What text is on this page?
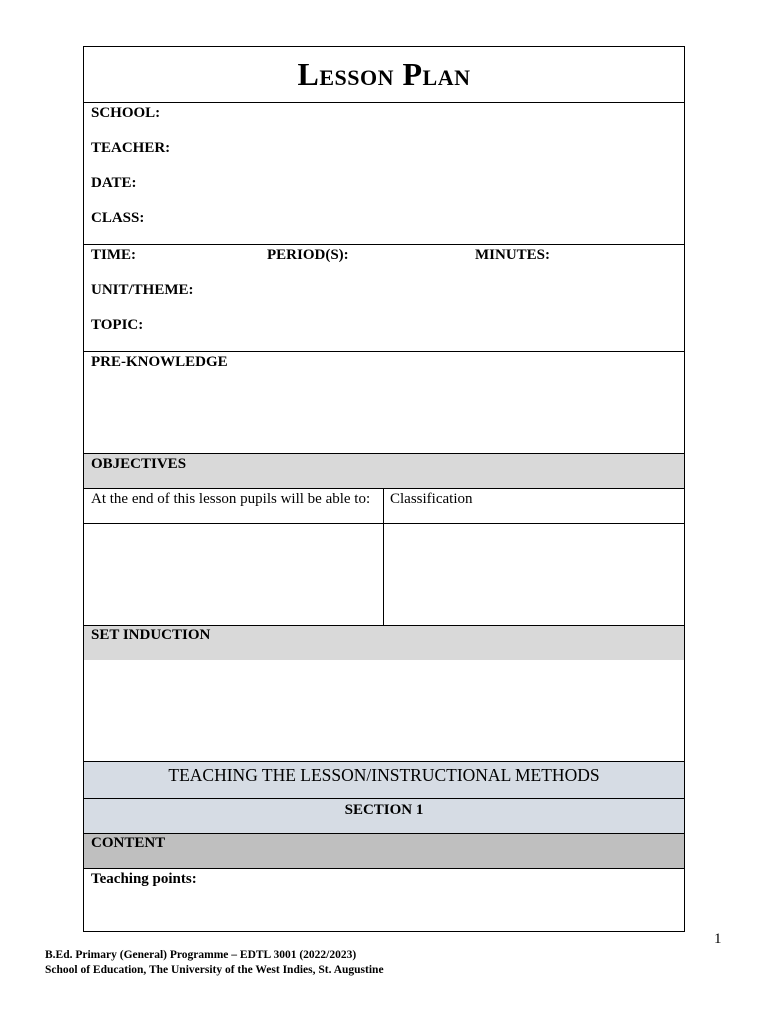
Lesson Plan
SCHOOL:
TEACHER:
DATE:
CLASS:
TIME:	PERIOD(S):	MINUTES:
UNIT/THEME:
TOPIC:
PRE-KNOWLEDGE
OBJECTIVES
At the end of this lesson pupils will be able to: Classification
SET INDUCTION
TEACHING THE LESSON/INSTRUCTIONAL METHODS
SECTION 1
CONTENT
Teaching points:
1
B.Ed. Primary (General) Programme – EDTL 3001 (2022/2023)
School of Education, The University of the West Indies, St. Augustine
